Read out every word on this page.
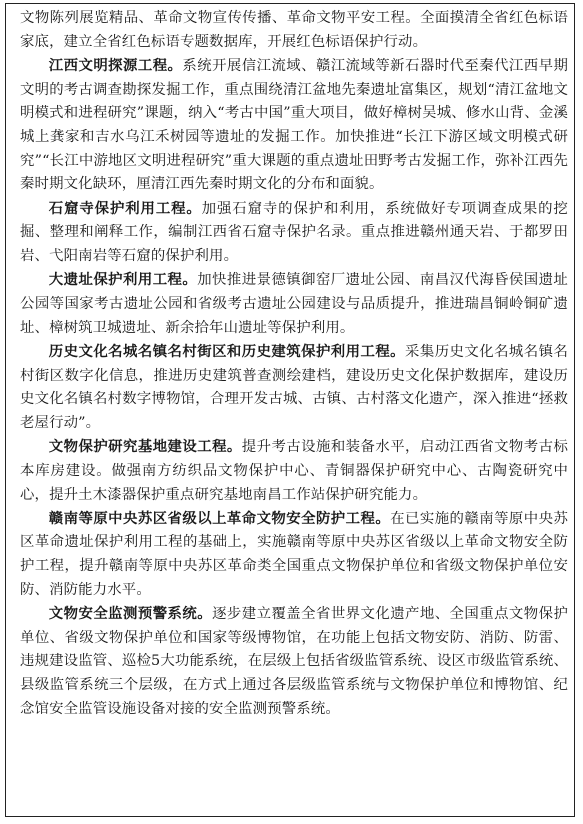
文物陈列展览精品、革命文物宣传传播、革命文物平安工程。全面摸清全省红色标语家底，建立全省红色标语专题数据库，开展红色标语保护行动。

江西文明探源工程。系统开展信江流域、赣江流域等新石器时代至秦代江西早期文明的考古调查勘探发掘工作，重点围绕清江盆地先秦遗址富集区，规划“清江盆地文明模式和进程研究”课题，纳入“考古中国”重大项目，做好樟树吴城、修水山背、金溪城上龚家和吉水乌江禾树园等遗址的发掘工作。加快推进“长江下游区域文明模式研究”“长江中游地区文明进程研究”重大课题的重点遗址田野考古发掘工作，弥补江西先秦时期文化缺环，厘清江西先秦时期文化的分布和面貌。

石窟寺保护利用工程。加强石窟寺的保护和利用，系统做好专项调查成果的挖掘、整理和阐释工作，编制江西省石窟寺保护名录。重点推进赣州通天岩、于都罗田岩、弋阳南岩等石窟的保护利用。

大遗址保护利用工程。加快推进景德镇御窑厂遗址公园、南昌汉代海昏侯国遗址公园等国家考古遗址公园和省级考古遗址公园建设与品质提升，推进瑞昌铜岭铜矿遗址、樟树筑卫城遗址、新余拾年山遗址等保护利用。

历史文化名城名镇名村街区和历史建筑保护利用工程。采集历史文化名城名镇名村街区数字化信息，推进历史建筑普查测绘建档，建设历史文化保护数据库，建设历史文化名镇名村数字博物馆，合理开发古城、古镇、古村落文化遗产，深入推进“拯救老屋行动”。

文物保护研究基地建设工程。提升考古设施和装备水平，启动江西省文物考古标本库房建设。做强南方纺织品文物保护中心、青铜器保护研究中心、古陶瓷研究中心，提升土木漆器保护重点研究基地南昌工作站保护研究能力。

赣南等原中央苏区省级以上革命文物安全防护工程。在已实施的赣南等原中央苏区革命遗址保护利用工程的基础上，实施赣南等原中央苏区省级以上革命文物安全防护工程，提升赣南等原中央苏区革命类全国重点文物保护单位和省级文物保护单位安防、消防能力水平。

文物安全监测预警系统。逐步建立覆盖全省世界文化遗产地、全国重点文物保护单位、省级文物保护单位和国家等级博物馆，在功能上包括文物安防、消防、防雷、违规建设监管、巡检5大功能系统，在层级上包括省级监管系统、设区市级监管系统、县级监管系统三个层级，在方式上通过各层级监管系统与文物保护单位和博物馆、纪念馆安全监管设施设备对接的安全监测预警系统。
